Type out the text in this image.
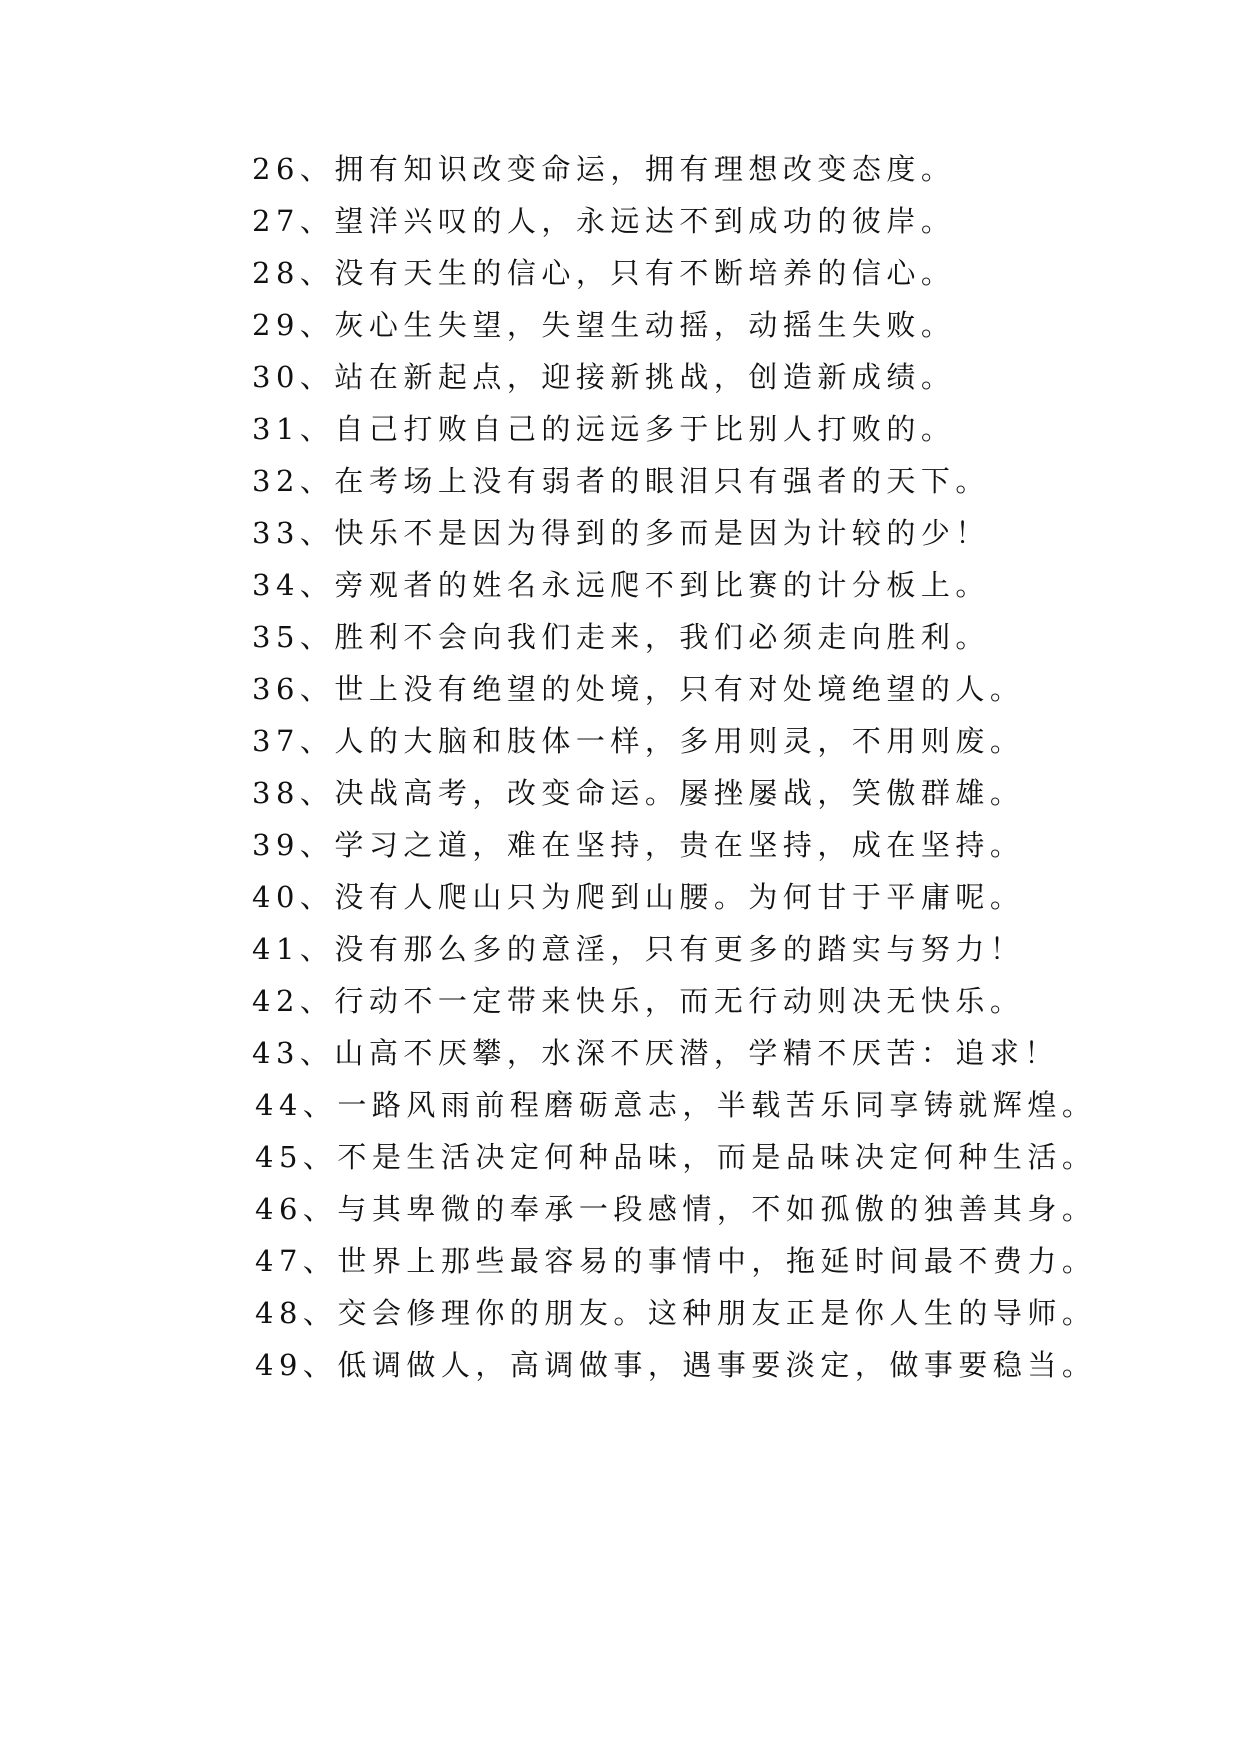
26、拥有知识改变命运，拥有理想改变态度。
27、望洋兴叹的人，永远达不到成功的彼岸。
28、没有天生的信心，只有不断培养的信心。
29、灰心生失望，失望生动摇，动摇生失败。
30、站在新起点，迎接新挑战，创造新成绩。
31、自己打败自己的远远多于比别人打败的。
32、在考场上没有弱者的眼泪只有强者的天下。
33、快乐不是因为得到的多而是因为计较的少！
34、旁观者的姓名永远爬不到比赛的计分板上。
35、胜利不会向我们走来，我们必须走向胜利。
36、世上没有绝望的处境，只有对处境绝望的人。
37、人的大脑和肢体一样，多用则灵，不用则废。
38、决战高考，改变命运。屡挫屡战，笑傲群雄。
39、学习之道，难在坚持，贵在坚持，成在坚持。
40、没有人爬山只为爬到山腰。为何甘于平庸呢。
41、没有那么多的意淫，只有更多的踏实与努力！
42、行动不一定带来快乐，而无行动则决无快乐。
43、山高不厌攀，水深不厌潜，学精不厌苦：追求！
44、一路风雨前程磨砺意志，半载苦乐同享铸就辉煌。
45、不是生活决定何种品味，而是品味决定何种生活。
46、与其卑微的奉承一段感情，不如孤傲的独善其身。
47、世界上那些最容易的事情中，拖延时间最不费力。
48、交会修理你的朋友。这种朋友正是你人生的导师。
49、低调做人，高调做事，遇事要淡定，做事要稳当。
